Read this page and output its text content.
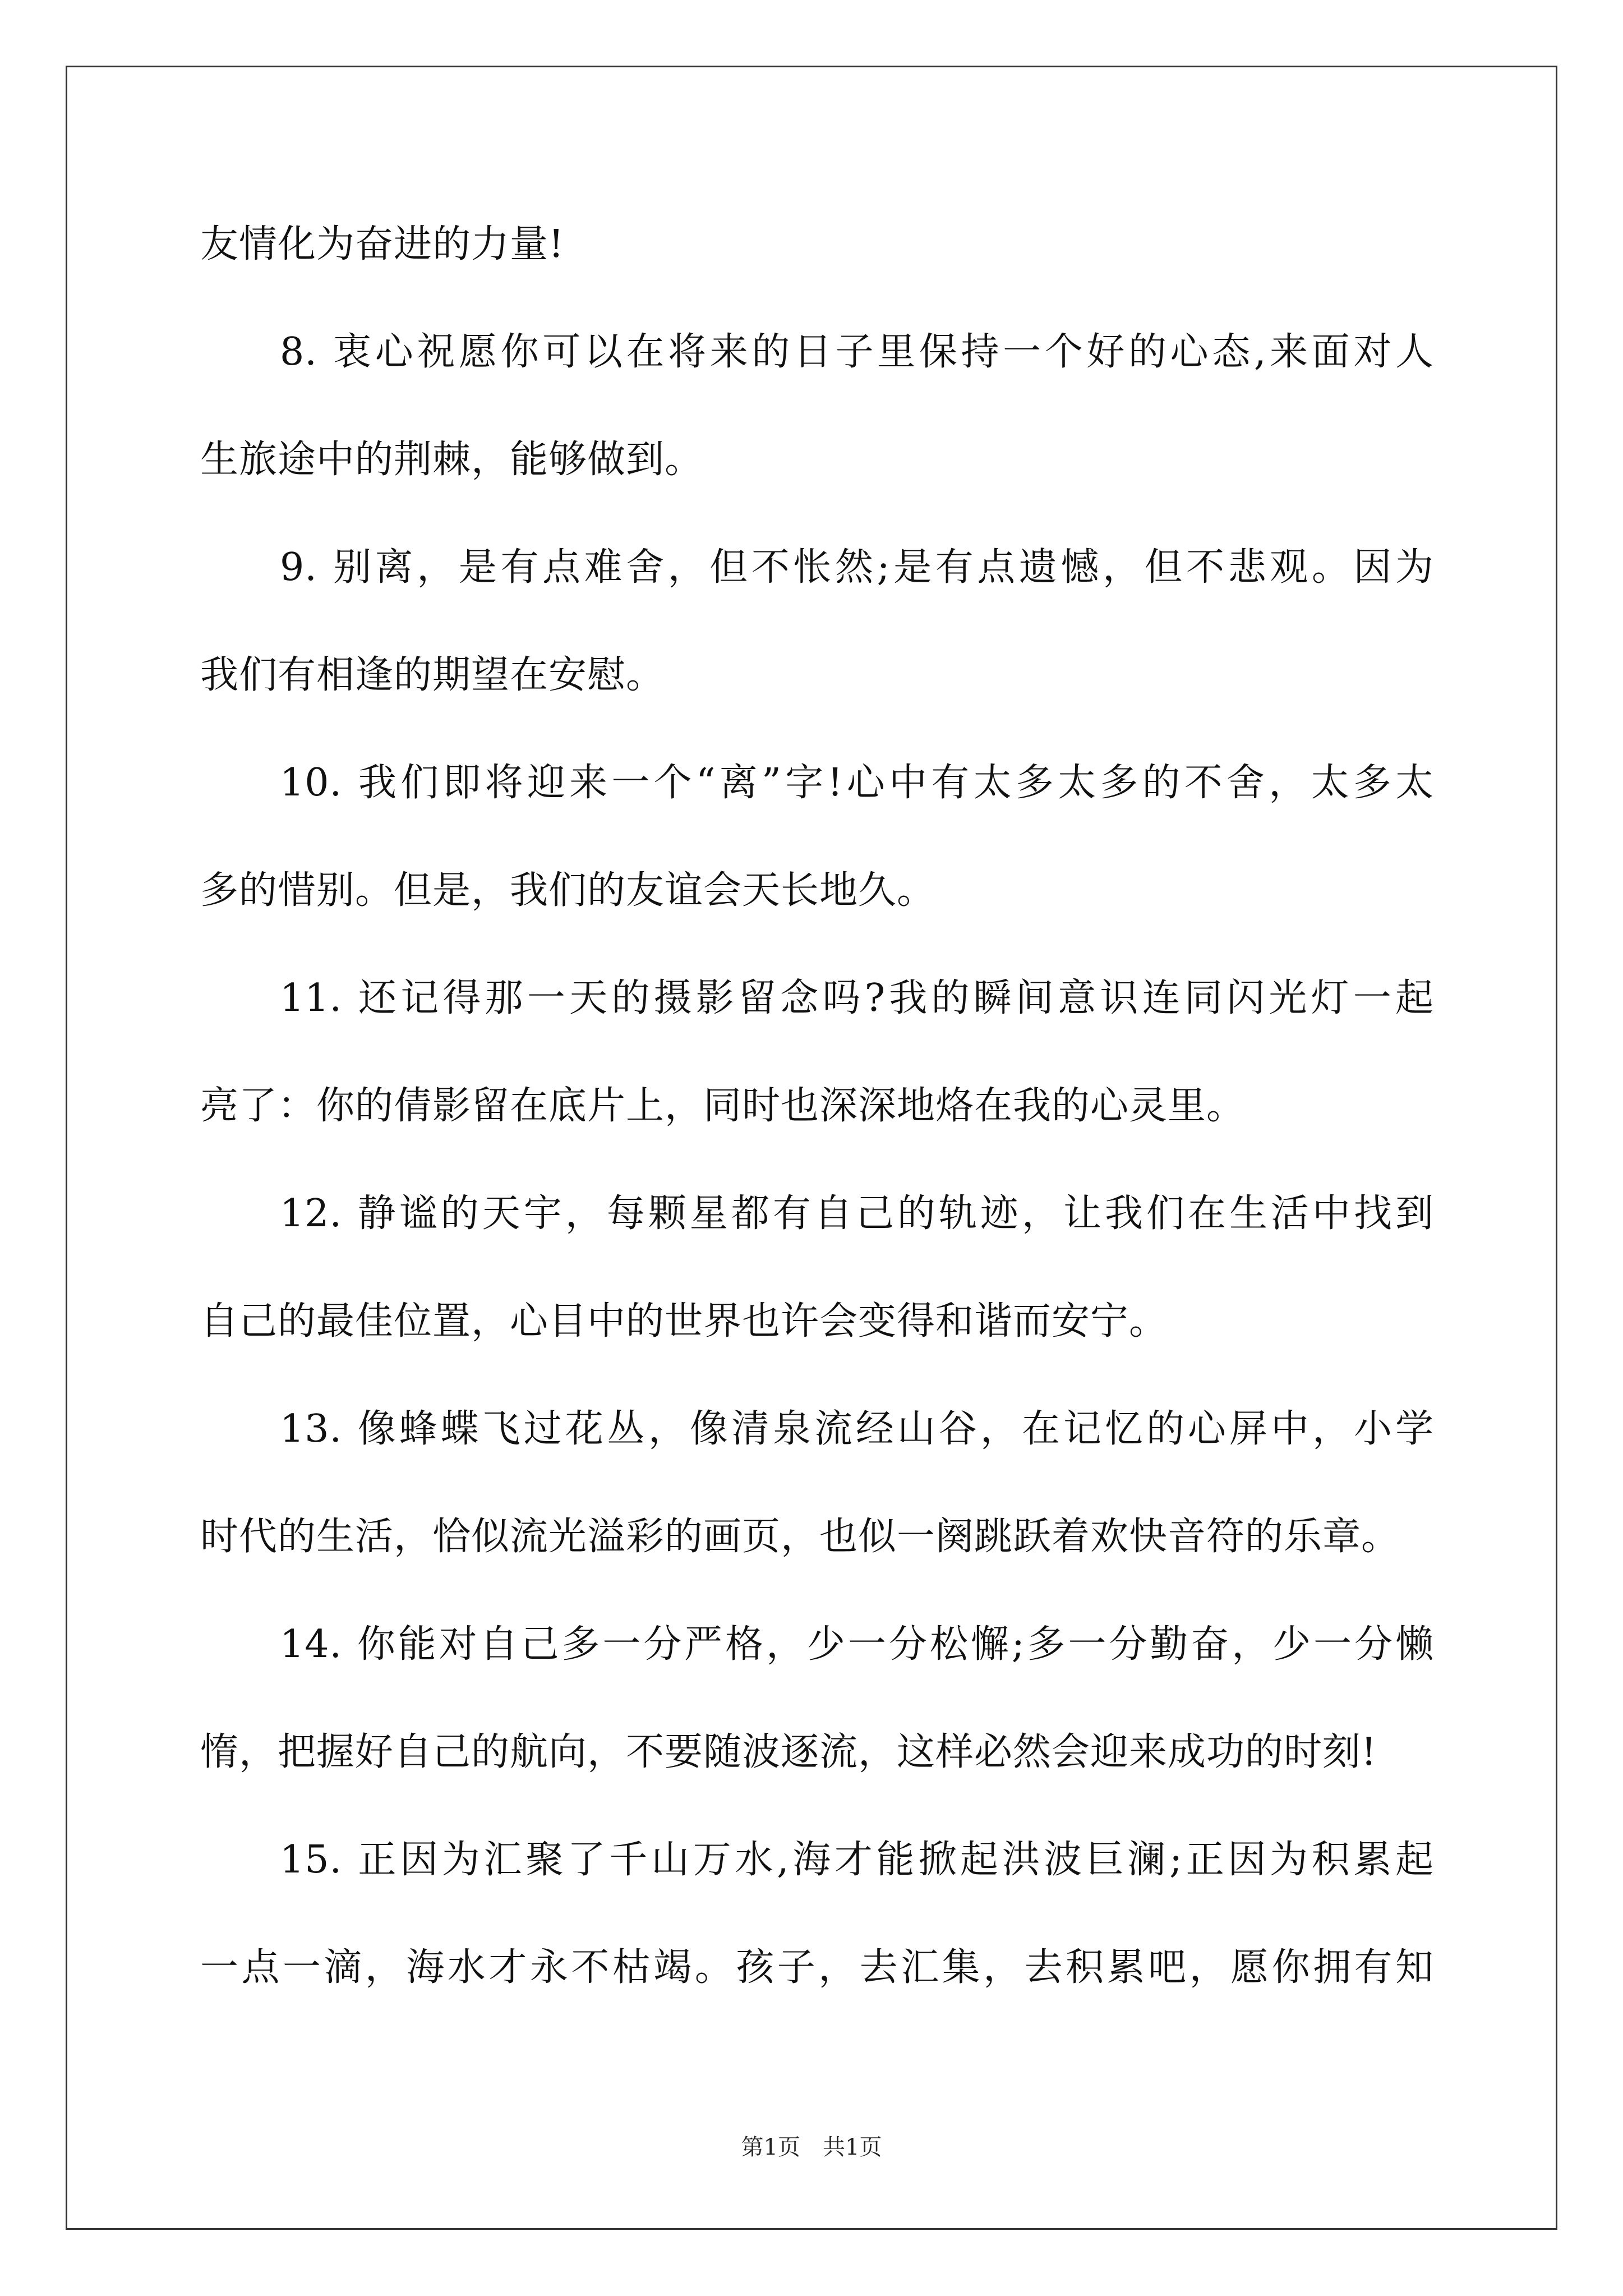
友情化为奋进的力量!

8. 衷心祝愿你可以在将来的日子里保持一个好的心态,来面对人

生旅途中的荆棘，能够做到。

9. 别离，是有点难舍，但不怅然;是有点遗憾，但不悲观。因为

我们有相逢的期望在安慰。

10. 我们即将迎来一个“离”字!心中有太多太多的不舍，太多太

多的惜别。但是，我们的友谊会天长地久。

11. 还记得那一天的摄影留念吗?我的瞬间意识连同闪光灯一起

亮了：你的倩影留在底片上，同时也深深地烙在我的心灵里。

12. 静谧的天宇，每颗星都有自己的轨迹，让我们在生活中找到

自己的最佳位置，心目中的世界也许会变得和谐而安宁。

13. 像蜂蝶飞过花丛，像清泉流经山谷，在记忆的心屏中，小学

时代的生活，恰似流光溢彩的画页，也似一阕跳跃着欢快音符的乐章。

14. 你能对自己多一分严格，少一分松懈;多一分勤奋，少一分懒

惰，把握好自己的航向，不要随波逐流，这样必然会迎来成功的时刻!

15. 正因为汇聚了千山万水,海才能掀起洪波巨澜;正因为积累起

一点一滴，海水才永不枯竭。孩子，去汇集，去积累吧，愿你拥有知

第1页　共1页
